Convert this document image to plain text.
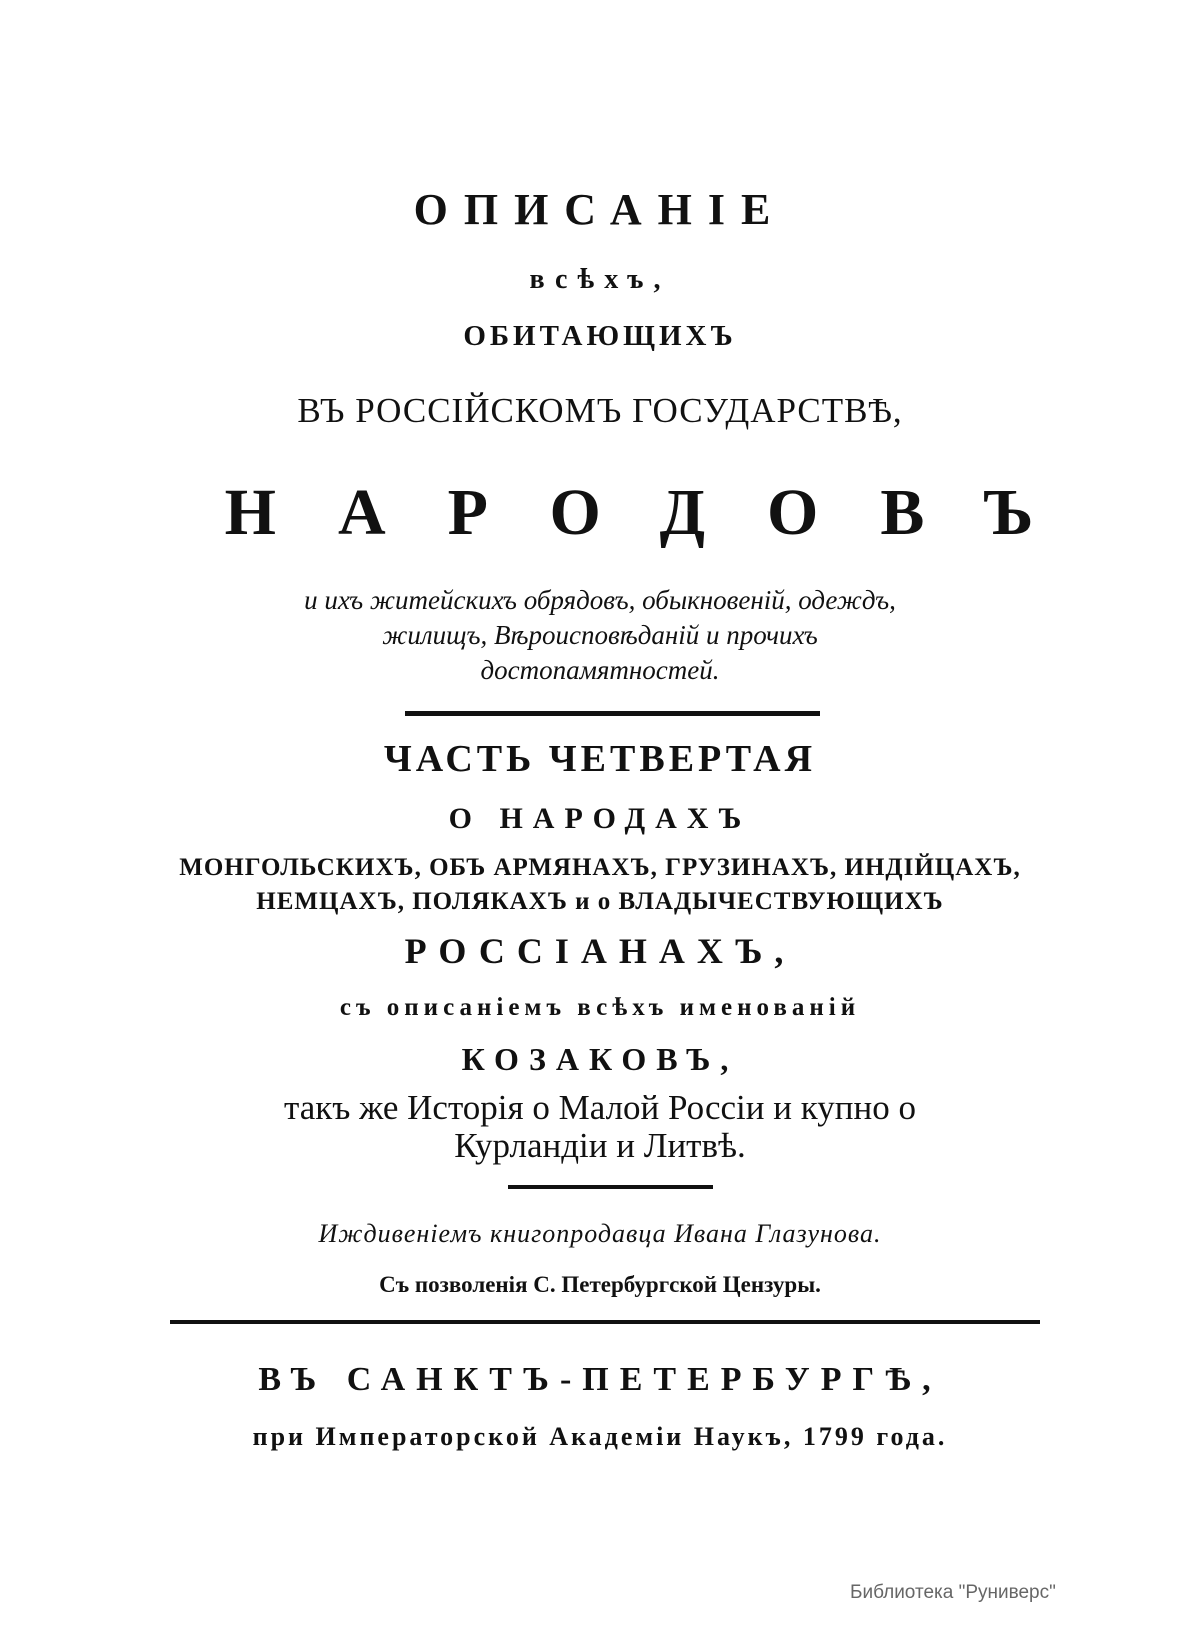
ОПИСАНІЕ
всѣхъ,
ОБИТАЮЩИХЪ
ВЪ РОССІЙСКОМЪ ГОСУДАРСТВѢ,
НАРОДОВЪ
и ихъ житейскихъ обрядовъ, обыкновеній, одеждъ,
жилищъ, Вѣроисповѣданій и прочихъ
достопамятностей.
ЧАСТЬ ЧЕТВЕРТАЯ
О НАРОДАХЪ
МОНГОЛЬСКИХЪ, ОБЪ АРМЯНАХЪ, ГРУЗИНАХЪ, ИНДІЙЦАХЪ,
НЕМЦАХЪ, ПОЛЯКАХЪ и о ВЛАДЫЧЕСТВУЮЩИХЪ
РОССІАНАХЪ,
съ описаніемъ всѣхъ именованій
КОЗАКОВЪ,
такъ же Исторія о Малой Россіи и купно о
Курландіи и Литвѣ.
Иждивеніемъ книгопродавца Ивана Глазунова.
Съ позволенія С. Петербургской Цензуры.
ВЪ САНКТЪ-ПЕТЕРБУРГѢ,
при Императорской Академіи Наукъ, 1799 года.
Библиотека "Руниверс"
